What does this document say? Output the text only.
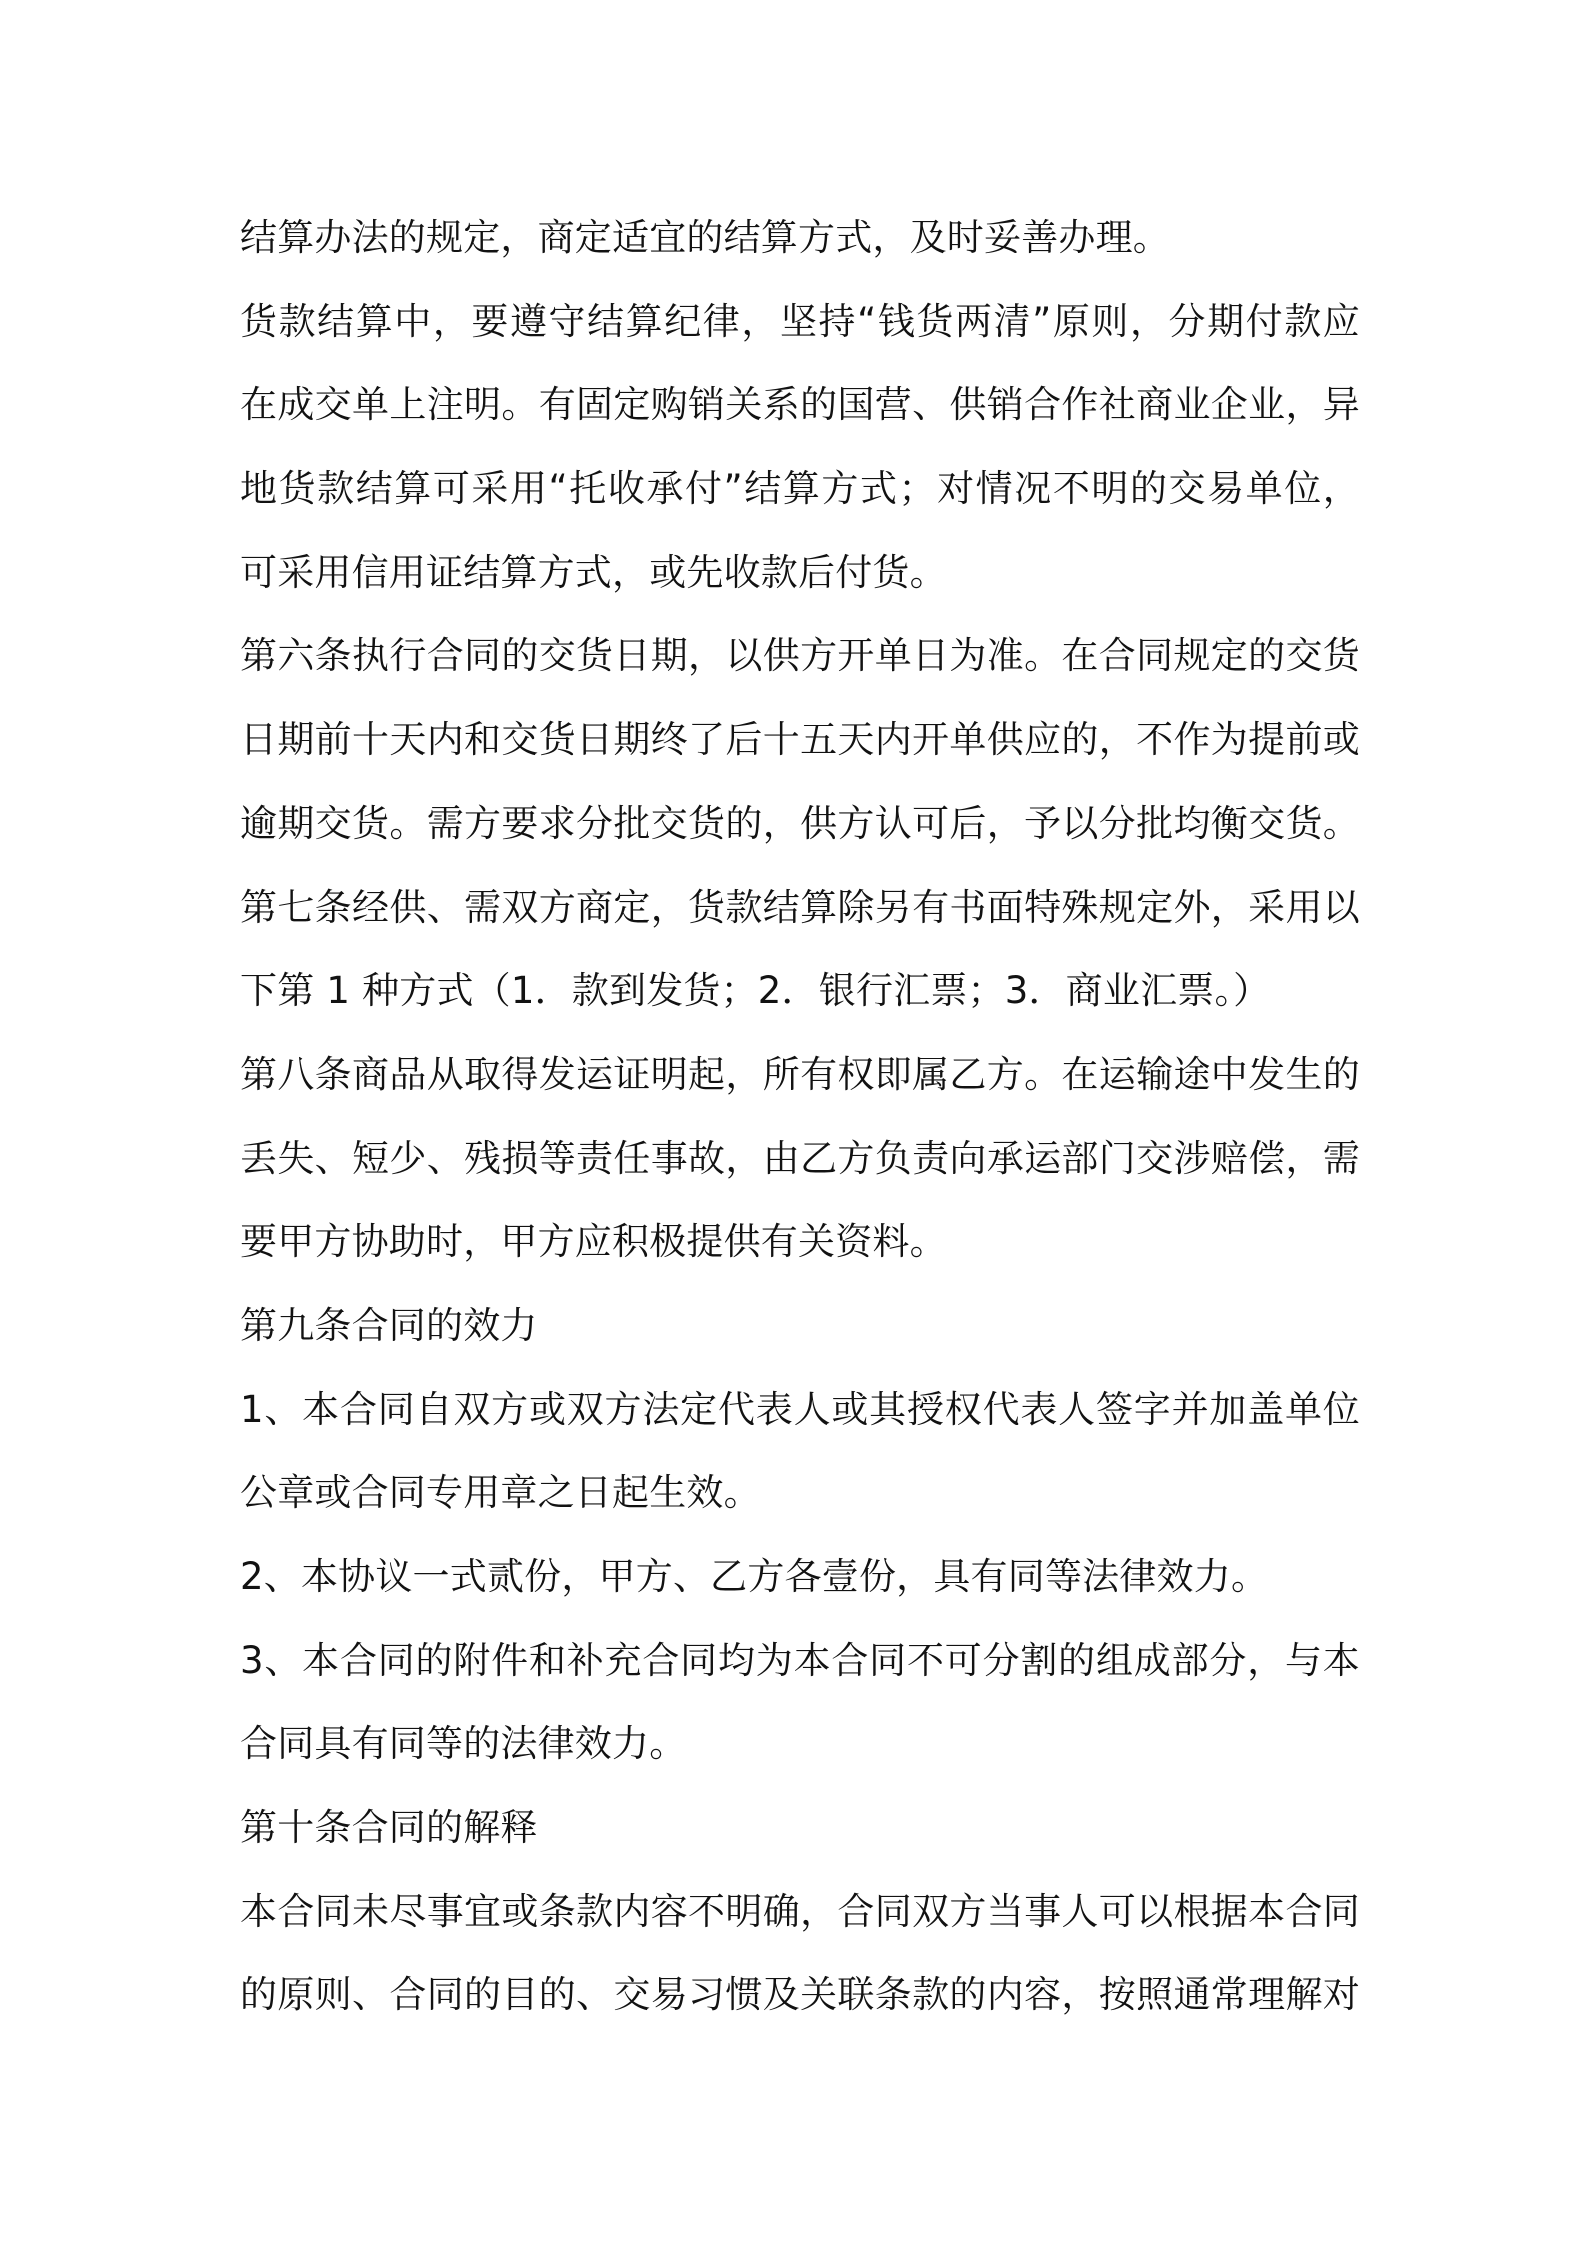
结算办法的规定，商定适宜的结算方式，及时妥善办理。
货款结算中，要遵守结算纪律，坚持“钱货两清”原则，分期付款应
在成交单上注明。有固定购销关系的国营、供销合作社商业企业，异
地货款结算可采用“托收承付”结算方式；对情况不明的交易单位，
可采用信用证结算方式，或先收款后付货。
第六条执行合同的交货日期，以供方开单日为准。在合同规定的交货
日期前十天内和交货日期终了后十五天内开单供应的，不作为提前或
逾期交货。需方要求分批交货的，供方认可后，予以分批均衡交货。
第七条经供、需双方商定，货款结算除另有书面特殊规定外，采用以
下第 1 种方式（1．款到发货；2．银行汇票；3．商业汇票。）
第八条商品从取得发运证明起，所有权即属乙方。在运输途中发生的
丢失、短少、残损等责任事故，由乙方负责向承运部门交涉赔偿，需
要甲方协助时，甲方应积极提供有关资料。
第九条合同的效力
1、本合同自双方或双方法定代表人或其授权代表人签字并加盖单位
公章或合同专用章之日起生效。
2、本协议一式贰份，甲方、乙方各壹份，具有同等法律效力。
3、本合同的附件和补充合同均为本合同不可分割的组成部分，与本
合同具有同等的法律效力。
第十条合同的解释
本合同未尽事宜或条款内容不明确，合同双方当事人可以根据本合同
的原则、合同的目的、交易习惯及关联条款的内容，按照通常理解对
